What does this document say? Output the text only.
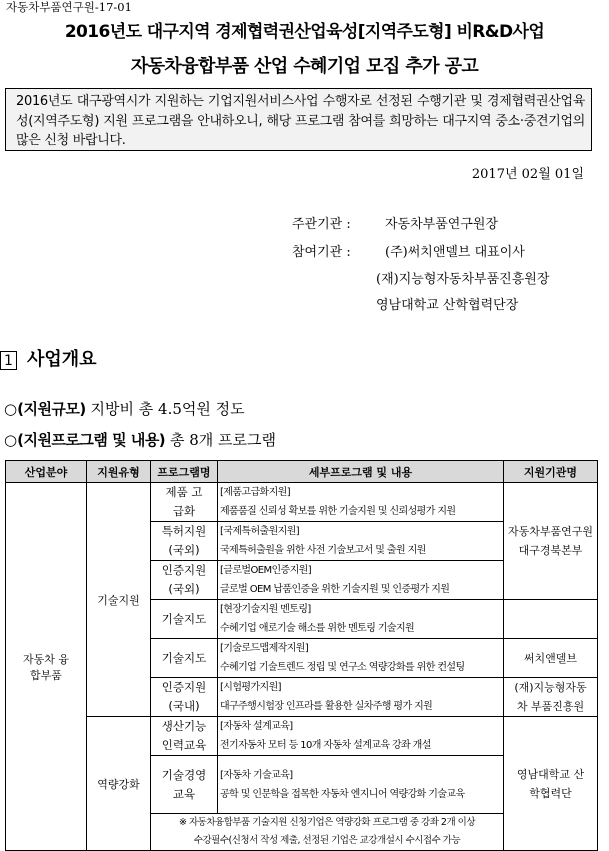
자동차부품연구원-17-01
2016년도 대구지역 경제협력권산업육성[지역주도형] 비R&D사업
자동차융합부품 산업 수혜기업 모집 추가 공고
2016년도 대구광역시가 지원하는 기업지원서비스사업 수행자로 선정된 수행기관 및 경제협력권산업육성(지역주도형) 지원 프로그램을 안내하오니, 해당 프로그램 참여를 희망하는 대구지역 중소·중견기업의 많은 신청 바랍니다.
2017년 02월 01일
주관기관 :	자동차부품연구원장
참여기관 :	(주)써치앤델브 대표이사
(재)지능형자동차부품진흥원장
영남대학교 산학협력단장
1 사업개요
○(지원규모) 지방비 총 4.5억원 정도
○(지원프로그램 및 내용) 총 8개 프로그램
산업분야	지원유형	프로그램명	세부프로그램 및 내용	지원기관명
자동차 융합부품	기술지원	제품 고급화	[제품고급화지원]
제품품질 신뢰성 확보를 위한 기술지원 및 신뢰성평가 지원	자동차부품연구원 대구경북본부
		특허지원 (국외)	[국제특허출원지원]
국제특허출원을 위한 사전 기술보고서 및 출원 지원	

		인증지원 (국외)	[글로벌OEM인증지원]
글로벌 OEM 납품인증을 위한 기술지원 및 인증평가 지원	

		기술지도	[현장기술지원 멘토링]
수혜기업 애로기술 해소를 위한 멘토링 기술지원	

		기술지도	[기술로드맵제작지원]
수혜기업 기술트렌드 정립 및 연구소 역량강화를 위한 컨설팅	써치앤델브
		인증지원 (국내)	[시험평가지원]
대구주행시험장 인프라를 활용한 실차주행 평가 지원	(재)지능형자동차 부품진흥원
	역량강화	생산기능 인력교육	[자동차 설계교육]
전기자동차 모터 등 10개 자동차 설계교육 강좌 개설	영남대학교 산학협력단
		기술경영 교육	[자동차 기술교육]
공학 및 인문학을 접목한 자동차 엔지니어 역량강화 기술교육	

		※ 자동차융합부품 기술지원 신청기업은 역량강화 프로그램 중 강좌 2개 이상
수강필수(신청서 작성 제출, 선정된 기업은 교강개설시 수시접수 가능		
